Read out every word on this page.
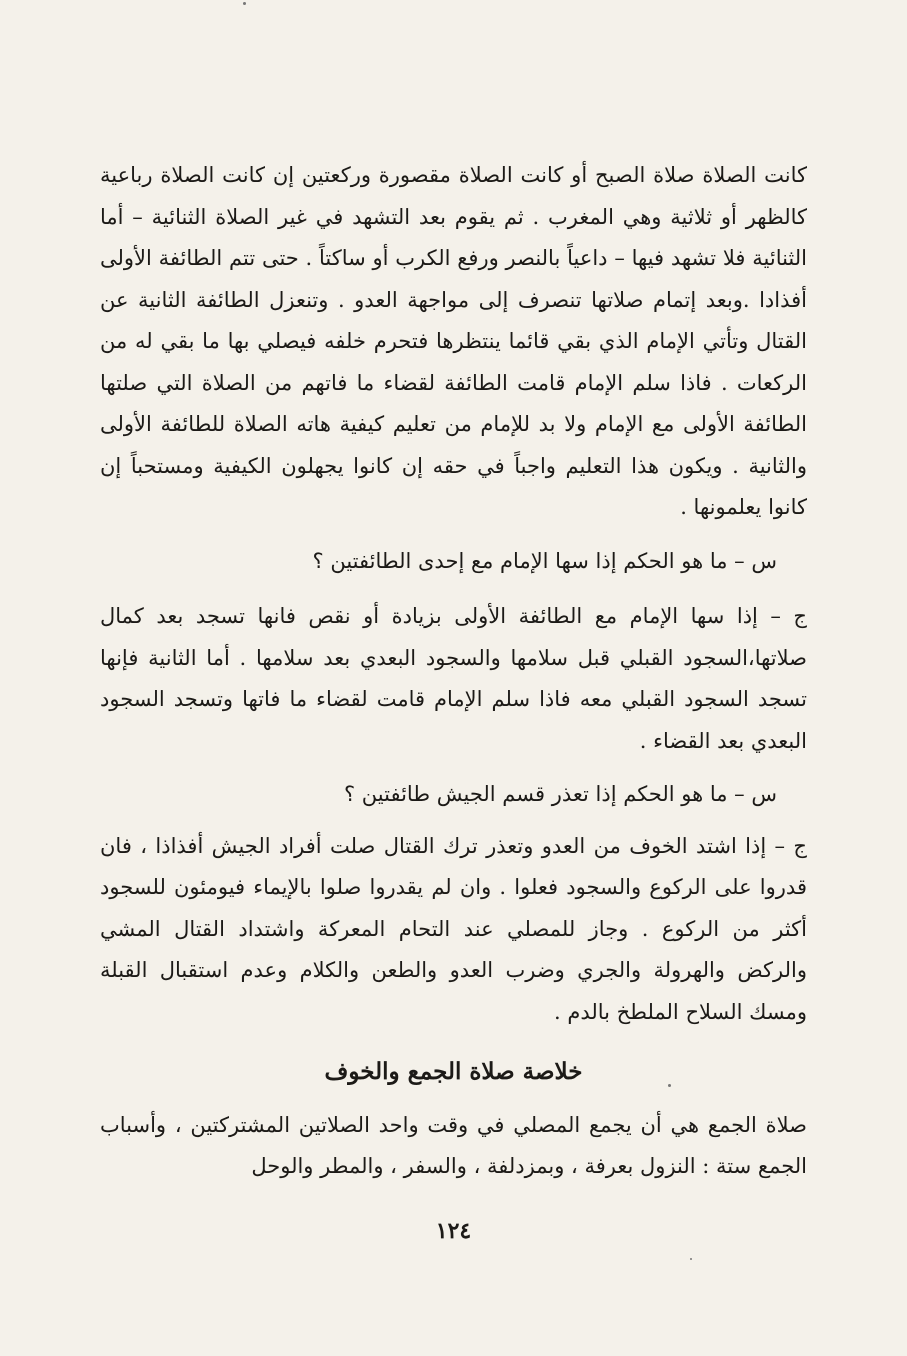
كانت الصلاة صلاة الصبح أو كانت الصلاة مقصورة وركعتين إن كانت الصلاة رباعية كالظهر أو ثلاثية وهي المغرب . ثم يقوم بعد التشهد في غير الصلاة الثنائية – أما الثنائية فلا تشهد فيها – داعياً بالنصر ورفع الكرب أو ساكتاً . حتى تتم الطائفة الأولى أفذادا .وبعد إتمام صلاتها تنصرف إلى مواجهة العدو . وتنعزل الطائفة الثانية عن القتال وتأتي الإمام الذي بقي قائما ينتظرها فتحرم خلفه فيصلي بها ما بقي له من الركعات . فاذا سلم الإمام قامت الطائفة لقضاء ما فاتهم من الصلاة التي صلتها الطائفة الأولى مع الإمام ولا بد للإمام من تعليم كيفية هاته الصلاة للطائفة الأولى والثانية . ويكون هذا التعليم واجباً في حقه إن كانوا يجهلون الكيفية ومستحباً إن كانوا يعلمونها .

س – ما هو الحكم إذا سها الإمام مع إحدى الطائفتين ؟

ج – إذا سها الإمام مع الطائفة الأولى بزيادة أو نقص فانها تسجد بعد كمال صلاتها،السجود القبلي قبل سلامها والسجود البعدي بعد سلامها . أما الثانية فإنها تسجد السجود القبلي معه فاذا سلم الإمام قامت لقضاء ما فاتها وتسجد السجود البعدي بعد القضاء .

س – ما هو الحكم إذا تعذر قسم الجيش طائفتين ؟

ج – إذا اشتد الخوف من العدو وتعذر ترك القتال صلت أفراد الجيش أفذاذا ، فان قدروا على الركوع والسجود فعلوا . وان لم يقدروا صلوا بالإيماء فيومئون للسجود أكثر من الركوع . وجاز للمصلي عند التحام المعركة واشتداد القتال المشي والركض والهرولة والجري وضرب العدو والطعن والكلام وعدم استقبال القبلة ومسك السلاح الملطخ بالدم .

خلاصة صلاة الجمع والخوف

صلاة الجمع هي أن يجمع المصلي في وقت واحد الصلاتين المشتركتين ، وأسباب الجمع ستة : النزول بعرفة ، وبمزدلفة ، والسفر ، والمطر والوحل

١٢٤
